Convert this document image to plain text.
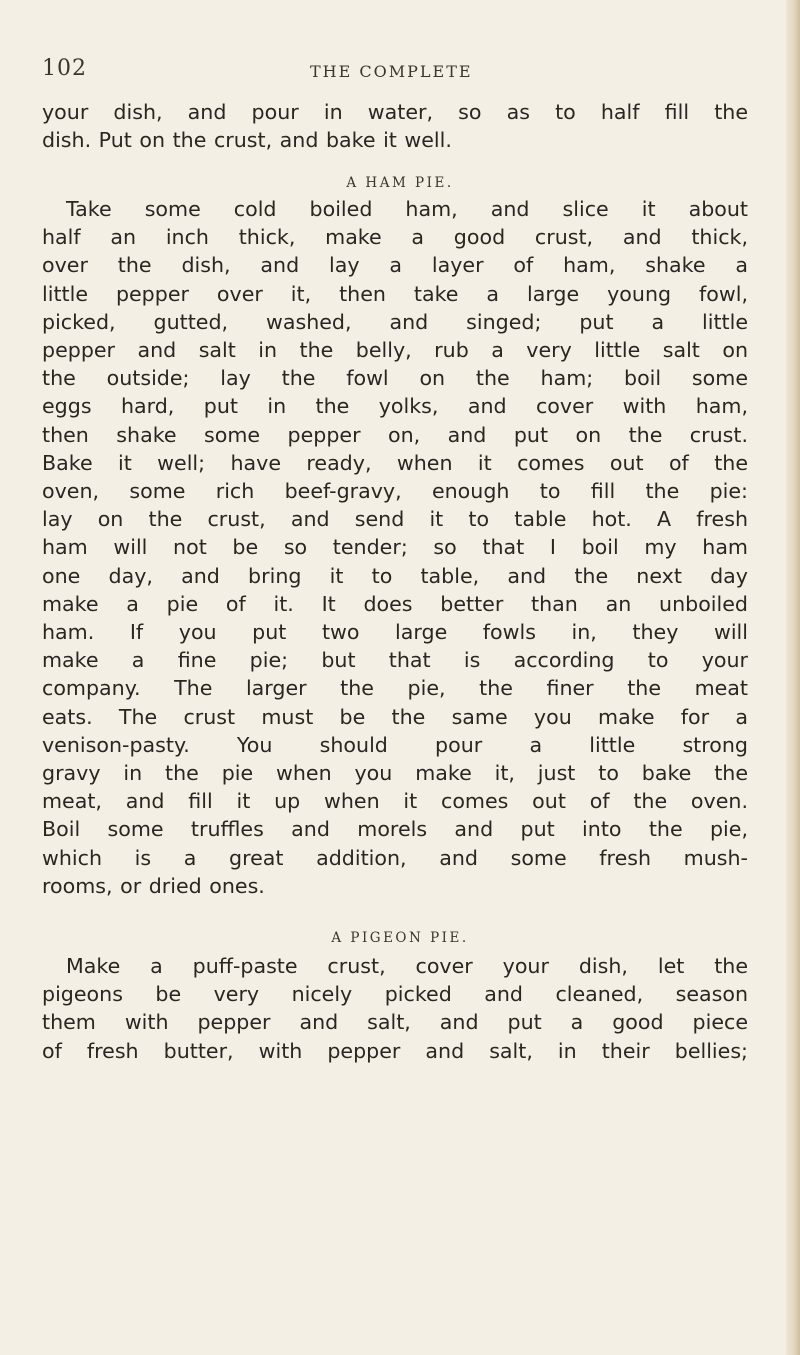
102	THE COMPLETE
your dish, and pour in water, so as to half fill the
dish. Put on the crust, and bake it well.
A HAM PIE.
Take some cold boiled ham, and slice it about
half an inch thick, make a good crust, and thick,
over the dish, and lay a layer of ham, shake a
little pepper over it, then take a large young fowl,
picked, gutted, washed, and singed; put a little
pepper and salt in the belly, rub a very little salt on
the outside; lay the fowl on the ham; boil some
eggs hard, put in the yolks, and cover with ham,
then shake some pepper on, and put on the crust.
Bake it well; have ready, when it comes out of the
oven, some rich beef-gravy, enough to fill the pie:
lay on the crust, and send it to table hot. A fresh
ham will not be so tender; so that I boil my ham
one day, and bring it to table, and the next day
make a pie of it. It does better than an unboiled
ham. If you put two large fowls in, they will
make a fine pie; but that is according to your
company. The larger the pie, the finer the meat
eats. The crust must be the same you make for a
venison-pasty. You should pour a little strong
gravy in the pie when you make it, just to bake the
meat, and fill it up when it comes out of the oven.
Boil some truffles and morels and put into the pie,
which is a great addition, and some fresh mush-
rooms, or dried ones.
A PIGEON PIE.
Make a puff-paste crust, cover your dish, let the
pigeons be very nicely picked and cleaned, season
them with pepper and salt, and put a good piece
of fresh butter, with pepper and salt, in their bellies;
